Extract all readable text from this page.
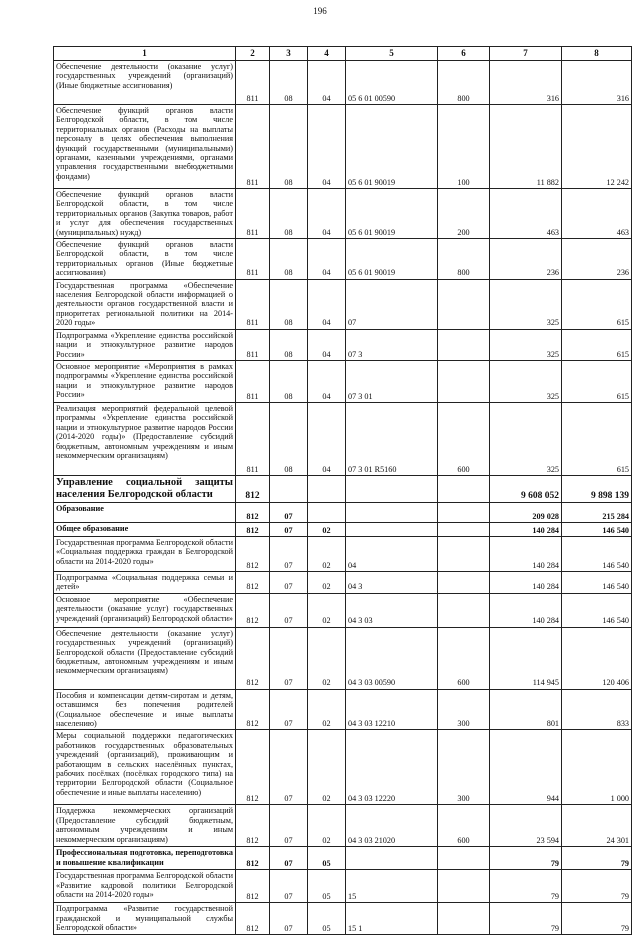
196
1	2	3	4	5	6	7	8
Обеспечение деятельности (оказание услуг) государственных учреждений (организаций) (Иные бюджетные ассигнования)	811	08	04	05 6 01 00590	800	316	316
Обеспечение функций органов власти Белгородской области, в том числе территориальных органов (Расходы на выплаты персоналу в целях обеспечения выполнения функций государственными (муниципальными) органами, казенными учреждениями, органами управления государственными внебюджетными фондами)	811	08	04	05 6 01 90019	100	11 882	12 242
Обеспечение функций органов власти Белгородской области, в том числе территориальных органов (Закупка товаров, работ и услуг для обеспечения государственных (муниципальных) нужд)	811	08	04	05 6 01 90019	200	463	463
Обеспечение функций органов власти Белгородской области, в том числе территориальных органов (Иные бюджетные ассигнования)	811	08	04	05 6 01 90019	800	236	236
Государственная программа «Обеспечение населения Белгородской области информацией о деятельности органов государственной власти и приоритетах региональной политики на 2014-2020 годы»	811	08	04	07		325	615
Подпрограмма «Укрепление единства российской нации и этнокультурное развитие народов России»	811	08	04	07 3		325	615
Основное мероприятие «Мероприятия в рамках подпрограммы «Укрепление единства российской нации и этнокультурное развитие народов России»	811	08	04	07 3 01		325	615
Реализация мероприятий федеральной целевой программы «Укрепление единства российской нации и этнокультурное развитие народов России (2014-2020 годы)» (Предоставление субсидий бюджетным, автономным учреждениям и иным некоммерческим организациям)	811	08	04	07 3 01 R5160	600	325	615
Управление социальной защиты населения Белгородской области	812					9 608 052	9 898 139
Образование	812	07				209 028	215 284
Общее образование	812	07	02			140 284	146 540
Государственная программа Белгородской области «Социальная поддержка граждан в Белгородской области на 2014-2020 годы»	812	07	02	04		140 284	146 540
Подпрограмма «Социальная поддержка семьи и детей»	812	07	02	04 3		140 284	146 540
Основное мероприятие «Обеспечение деятельности (оказание услуг) государственных учреждений (организаций) Белгородской области»	812	07	02	04 3 03		140 284	146 540
Обеспечение деятельности (оказание услуг) государственных учреждений (организаций) Белгородской области (Предоставление субсидий бюджетным, автономным учреждениям и иным некоммерческим организациям)	812	07	02	04 3 03 00590	600	114 945	120 406
Пособия и компенсации детям-сиротам и детям, оставшимся без попечения родителей (Социальное обеспечение и иные выплаты населению)	812	07	02	04 3 03 12210	300	801	833
Меры социальной поддержки педагогических работников государственных образовательных учреждений (организаций), проживающим и работающим в сельских населённых пунктах, рабочих посёлках (посёлках городского типа) на территории Белгородской области (Социальное обеспечение и иные выплаты населению)	812	07	02	04 3 03 12220	300	944	1 000
Поддержка некоммерческих организаций (Предоставление субсидий бюджетным, автономным учреждениям и иным некоммерческим организациям)	812	07	02	04 3 03 21020	600	23 594	24 301
Профессиональная подготовка, переподготовка и повышение квалификации	812	07	05			79	79
Государственная программа Белгородской области «Развитие кадровой политики Белгородской области на 2014-2020 годы»	812	07	05	15		79	79
Подпрограмма «Развитие государственной гражданской и муниципальной службы Белгородской области»	812	07	05	15 1		79	79
